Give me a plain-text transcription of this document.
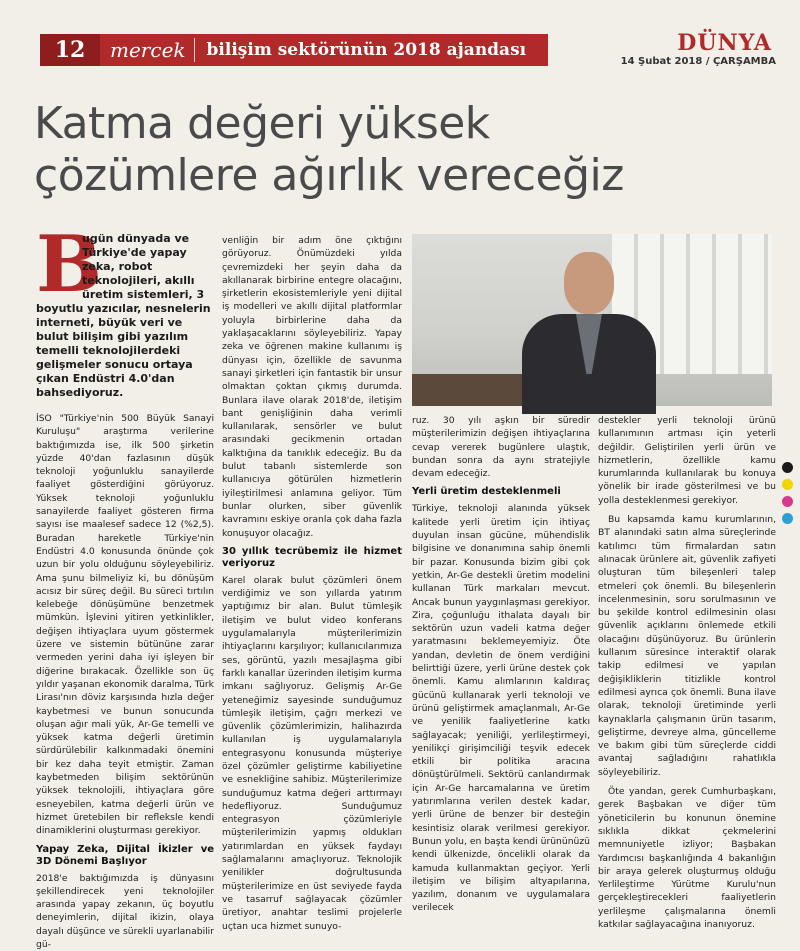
12	mercek	bilişim sektörünün 2018 ajandası	DÜNYA
14 Şubat 2018 / ÇARŞAMBA
Katma değeri yüksek
çözümlere ağırlık vereceğiz
B

ugün dünyada ve Türkiye'de yapay zeka, robot teknolojileri, akıllı üretim sistemleri, 3 boyutlu yazıcılar, nesnelerin interneti, büyük veri ve bulut bilişim gibi yazılım temelli teknolojilerdeki gelişmeler sonucu ortaya çıkan Endüstri 4.0'dan bahsediyoruz.

İSO "Türkiye'nin 500 Büyük Sanayi Kuruluşu" araştırma verilerine baktığımızda ise, ilk 500 şirketin yüzde 40'dan fazlasının düşük teknoloji yoğunluklu sanayilerde faaliyet gösterdiğini görüyoruz. Yüksek teknoloji yoğunluklu sanayilerde faaliyet gösteren firma sayısı ise maalesef sadece 12 (%2,5). Buradan hareketle Türkiye'nin Endüstri 4.0 konusunda önünde çok uzun bir yolu olduğunu söyleyebiliriz. Ama şunu bilmeliyiz ki, bu dönüşüm acısız bir süreç değil. Bu süreci tırtılın kelebeğe dönüşümüne benzetmek mümkün. İşlevini yitiren yetkinlikler, değişen ihtiyaçlara uyum göstermek üzere ve sistemin bütününe zarar vermeden yerini daha iyi işleyen bir diğerine bırakacak. Özellikle son üç yıldır yaşanan ekonomik daralma, Türk Lirası'nın döviz karşısında hızla değer kaybetmesi ve bunun sonucunda oluşan ağır mali yük, Ar-Ge temelli ve yüksek katma değerli üretimin sürdürülebilir kalkınmadaki önemini bir kez daha teyit etmiştir. Zaman kaybetmeden bilişim sektörünün yüksek teknolojili, ihtiyaçlara göre esneyebilen, katma değerli ürün ve hizmet üretebilen bir refleksle kendi dinamiklerini oluşturması gerekiyor.

Yapay Zeka, Dijital İkizler ve 3D Dönemi Başlıyor

2018'e baktığımızda iş dünyasını şekillendirecek yeni teknolojiler arasında yapay zekanın, üç boyutlu deneyimlerin, dijital ikizin, olaya dayalı düşünce ve sürekli uyarlanabilir gü-

venliğin bir adım öne çıktığını görüyoruz. Önümüzdeki yılda çevremizdeki her şeyin daha da akıllanarak birbirine entegre olacağını, şirketlerin ekosistemleriyle yeni dijital iş modelleri ve akıllı dijital platformlar yoluyla birbirlerine daha da yaklaşacaklarını söyleyebiliriz. Yapay zeka ve öğrenen makine kullanımı iş dünyası için, özellikle de savunma sanayi şirketleri için fantastik bir unsur olmaktan çoktan çıkmış durumda. Bunlara ilave olarak 2018'de, iletişim bant genişliğinin daha verimli kullanılarak, sensörler ve bulut arasındaki gecikmenin ortadan kalktığına da tanıklık edeceğiz. Bu da bulut tabanlı sistemlerde son kullanıcıya götürülen hizmetlerin iyileştirilmesi anlamına geliyor. Tüm bunlar olurken, siber güvenlik kavramını eskiye oranla çok daha fazla konuşuyor olacağız.

30 yıllık tecrübemiz ile hizmet veriyoruz

Karel olarak bulut çözümleri önem verdiğimiz ve son yıllarda yatırım yaptığımız bir alan. Bulut tümleşik iletişim ve bulut video konferans uygulamalarıyla müşterilerimizin ihtiyaçlarını karşılıyor; kullanıcılarımıza ses, görüntü, yazılı mesajlaşma gibi farklı kanallar üzerinden iletişim kurma imkanı sağlıyoruz. Gelişmiş Ar-Ge yeteneğimiz sayesinde sunduğumuz tümleşik iletişim, çağrı merkezi ve güvenlik çözümlerimizin, halihazırda kullanılan iş uygulamalarıyla entegrasyonu konusunda müşteriye özel çözümler geliştirme kabiliyetine ve esnekliğine sahibiz. Müşterilerimize sunduğumuz katma değeri arttırmayı hedefliyoruz. Sunduğumuz entegrasyon çözümleriyle müşterilerimizin yapmış oldukları yatırımlardan en yüksek faydayı sağlamalarını amaçlıyoruz. Teknolojik yenilikler doğrultusunda müşterilerimize en üst seviyede fayda ve tasarruf sağlayacak çözümler üretiyor, anahtar teslimi projelerle uçtan uca hizmet sunuyo-

ruz. 30 yılı aşkın bir süredir müşterilerimizin değişen ihtiyaçlarına cevap vererek bugünlere ulaştık, bundan sonra da aynı stratejiyle devam edeceğiz.

Yerli üretim desteklenmeli

Türkiye, teknoloji alanında yüksek kalitede yerli üretim için ihtiyaç duyulan insan gücüne, mühendislik bilgisine ve donanımına sahip önemli bir pazar. Konusunda bizim gibi çok yetkin, Ar-Ge destekli üretim modelini kullanan Türk markaları mevcut. Ancak bunun yaygınlaşması gerekiyor. Zira, çoğunluğu ithalata dayalı bir sektörün uzun vadeli katma değer yaratmasını beklemeyemiyiz. Öte yandan, devletin de önem verdiğini belirttiği üzere, yerli ürüne destek çok önemli. Kamu alımlarının kaldıraç gücünü kullanarak yerli teknoloji ve ürünü geliştirmek amaçlanmalı, Ar-Ge ve yenilik faaliyetlerine katkı sağlayacak; yeniliği, yerlileştirmeyi, yenilikçi girişimciliği teşvik edecek etkili bir politika aracına dönüştürülmeli. Sektörü canlandırmak için Ar-Ge harcamalarına ve üretim yatırımlarına verilen destek kadar, yerli ürüne de benzer bir desteğin kesintisiz olarak verilmesi gerekiyor. Bunun yolu, en başta kendi ürününüzü kendi ülkenizde, öncelikli olarak da kamuda kullanmaktan geçiyor. Yerli iletişim ve bilişim altyapılarına, yazılım, donanım ve uygulamalara verilecek

destekler yerli teknoloji ürünü kullanımının artması için yeterli değildir. Geliştirilen yerli ürün ve hizmetlerin, özellikle kamu kurumlarında kullanılarak bu konuya yönelik bir irade gösterilmesi ve bu yolla desteklenmesi gerekiyor.

Bu kapsamda kamu kurumlarının, BT alanındaki satın alma süreçlerinde katılımcı tüm firmalardan satın alınacak ürünlere ait, güvenlik zafiyeti oluşturan tüm bileşenleri talep etmeleri çok önemli. Bu bileşenlerin incelenmesinin, soru sorulmasının ve bu şekilde kontrol edilmesinin olası güvenlik açıklarını önlemede etkili olacağını düşünüyoruz. Bu ürünlerin kullanım süresince interaktif olarak takip edilmesi ve yapılan değişikliklerin titizlikle kontrol edilmesi ayrıca çok önemli. Buna ilave olarak, teknoloji üretiminde yerli kaynaklarla çalışmanın ürün tasarım, geliştirme, devreye alma, güncelleme ve bakım gibi tüm süreçlerde ciddi avantaj sağladığını rahatlıkla söyleyebiliriz.

Öte yandan, gerek Cumhurbaşkanı, gerek Başbakan ve diğer tüm yöneticilerin bu konunun önemine sıklıkla dikkat çekmelerini memnuniyetle izliyor; Başbakan Yardımcısı başkanlığında 4 bakanlığın bir araya gelerek oluşturmuş olduğu Yerlileştirme Yürütme Kurulu'nun gerçekleştirecekleri faaliyetlerin yerlileşme çalışmalarına önemli katkılar sağlayacağına inanıyoruz.
